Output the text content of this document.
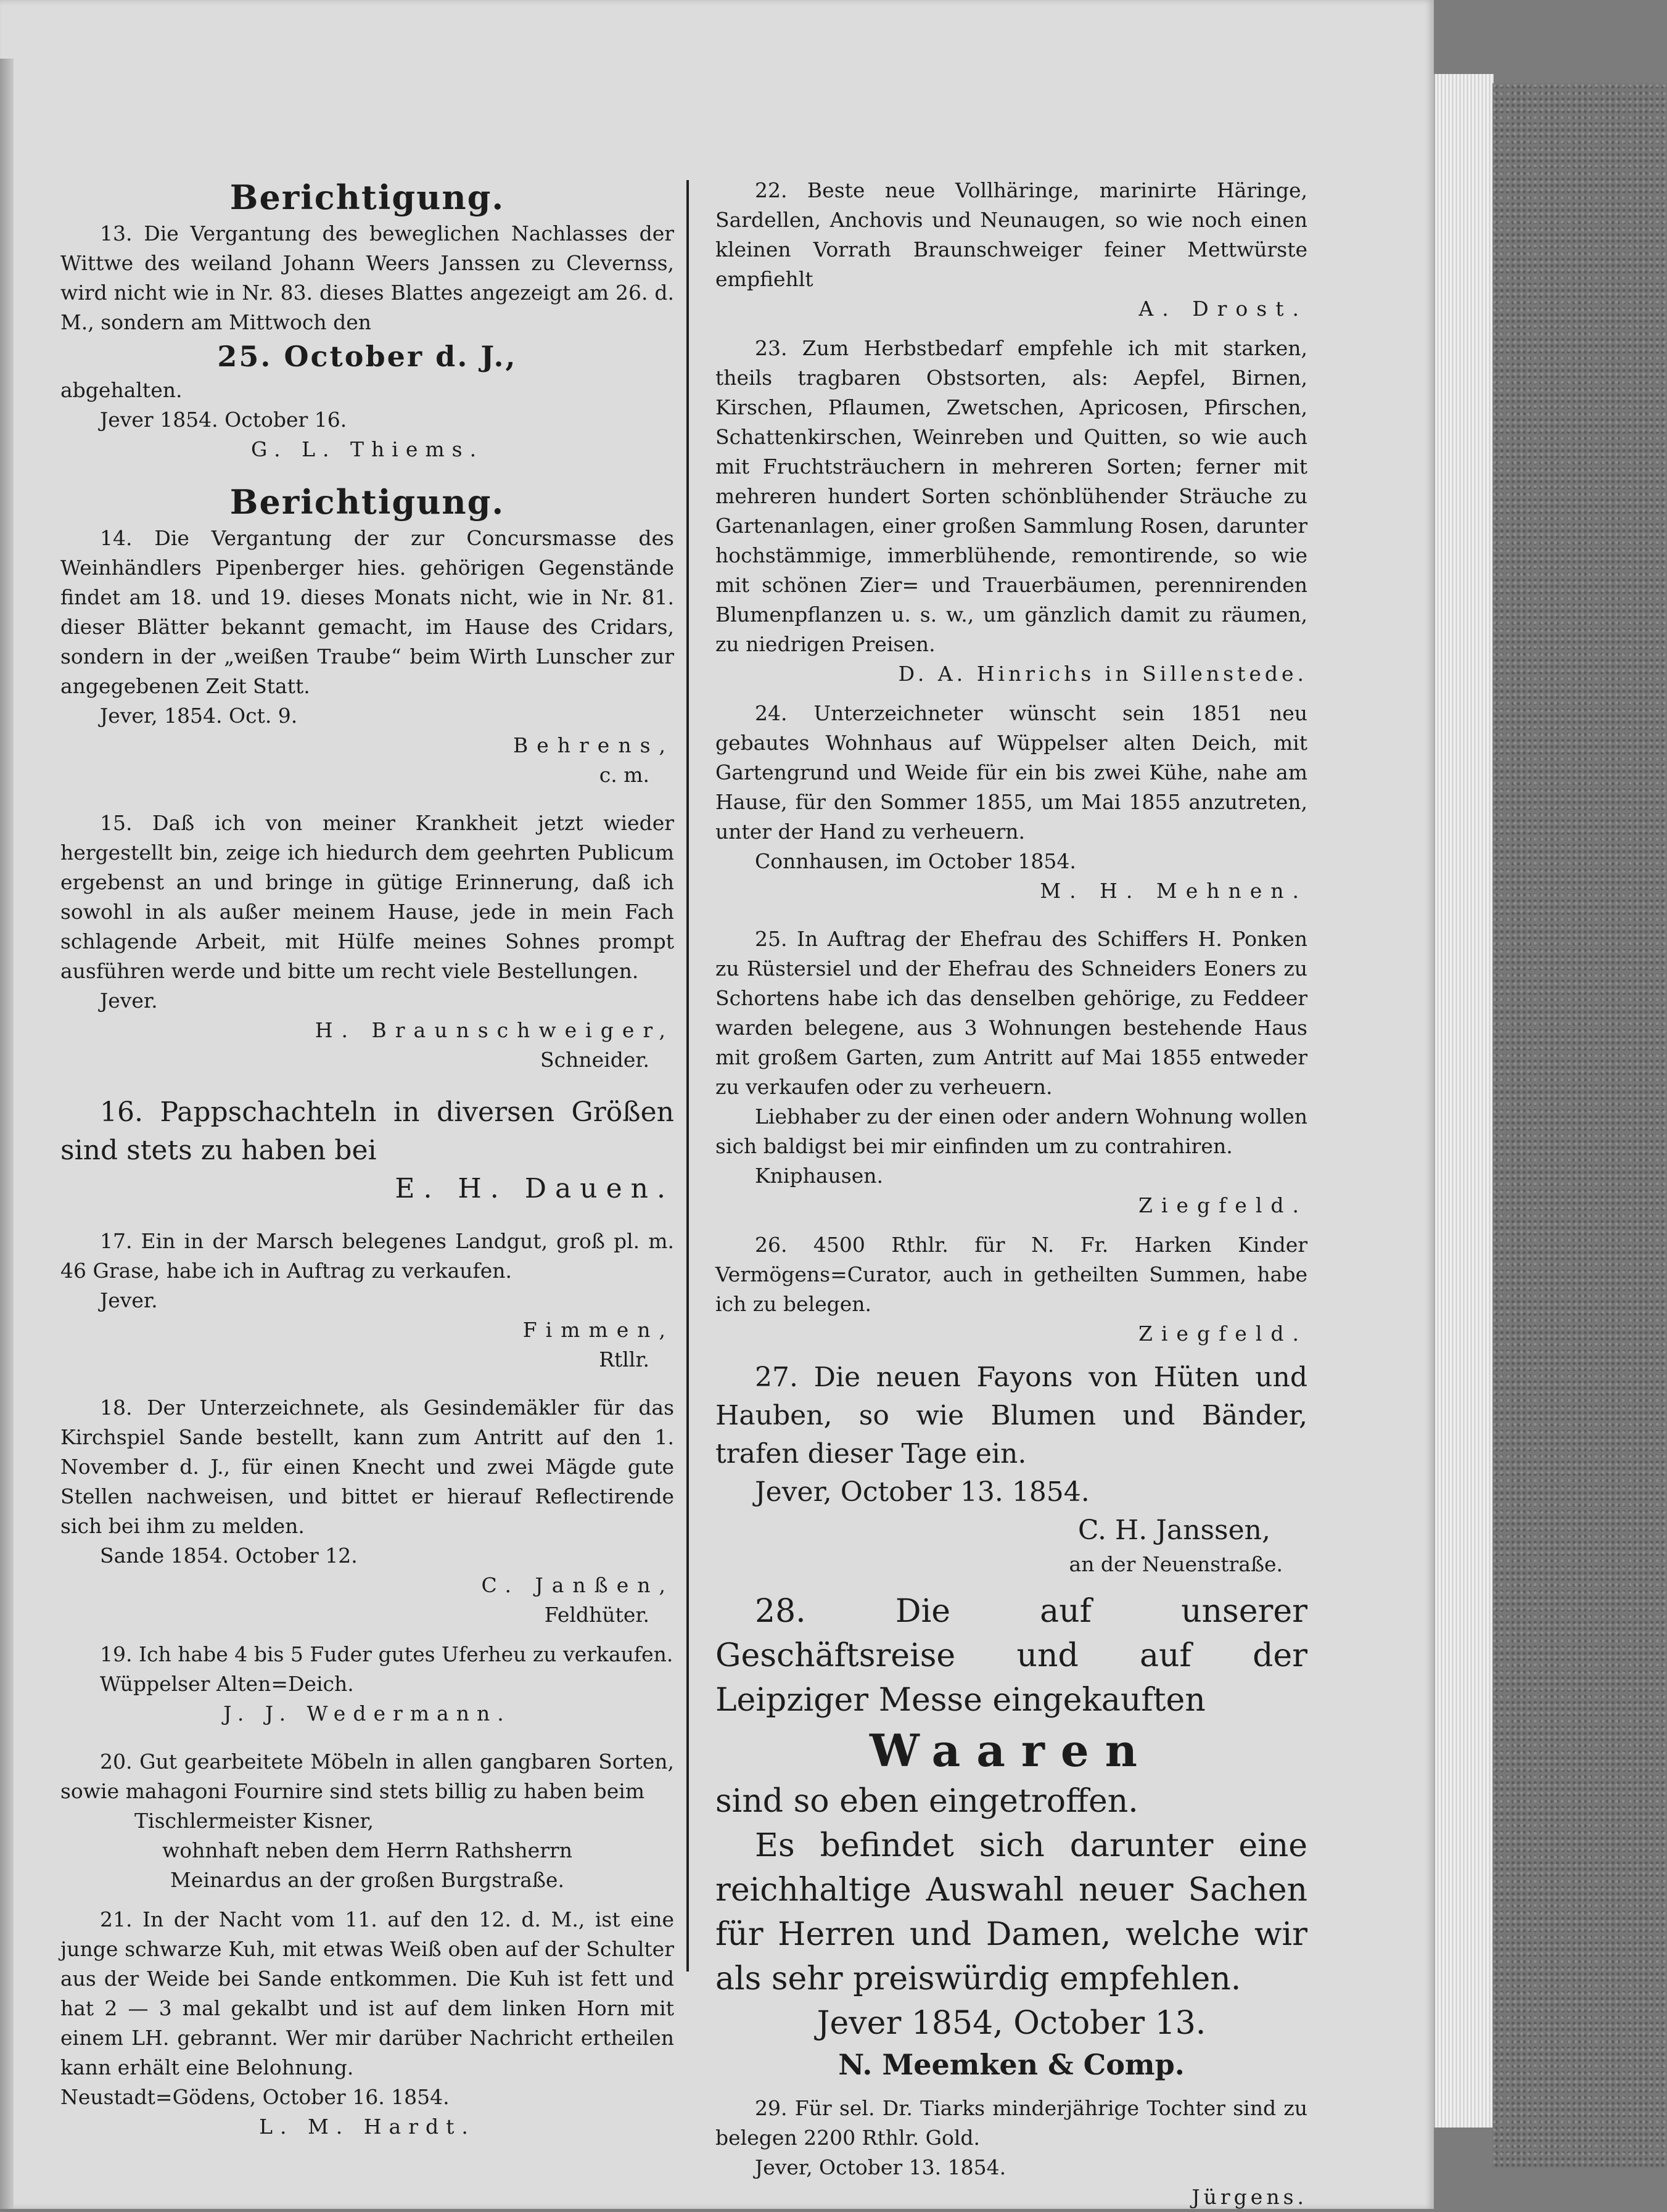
Berichtigung.

13. Die Vergantung des beweglichen Nachlasses der Wittwe des weiland Johann Weers Janssen zu Clevernss, wird nicht wie in Nr. 83. dieses Blattes angezeigt am 26. d. M., sondern am Mittwoch den

25. October d. J.,

abgehalten.

Jever 1854. October 16.

G. L. Thiems.

Berichtigung.

14. Die Vergantung der zur Concursmasse des Weinhändlers Pipenberger hies. gehörigen Gegenstände findet am 18. und 19. dieses Monats nicht, wie in Nr. 81. dieser Blätter bekannt gemacht, im Hause des Cridars, sondern in der „weißen Traube“ beim Wirth Lunscher zur angegebenen Zeit Statt.

Jever, 1854. Oct. 9.

Behrens,

c. m.

15. Daß ich von meiner Krankheit jetzt wieder hergestellt bin, zeige ich hiedurch dem geehrten Publicum ergebenst an und bringe in gütige Erinnerung, daß ich sowohl in als außer meinem Hause, jede in mein Fach schlagende Arbeit, mit Hülfe meines Sohnes prompt ausführen werde und bitte um recht viele Bestellungen.

Jever.

H. Braunschweiger,

Schneider.

16. Pappschachteln in diversen Größen sind stets zu haben bei

E. H. Dauen.

17. Ein in der Marsch belegenes Landgut, groß pl. m. 46 Grase, habe ich in Auftrag zu verkaufen.

Jever.

Fimmen,

Rtllr.

18. Der Unterzeichnete, als Gesindemäkler für das Kirchspiel Sande bestellt, kann zum Antritt auf den 1. November d. J., für einen Knecht und zwei Mägde gute Stellen nachweisen, und bittet er hierauf Reflectirende sich bei ihm zu melden.

Sande 1854. October 12.

C. Janßen,

Feldhüter.

19. Ich habe 4 bis 5 Fuder gutes Uferheu zu verkaufen.

Wüppelser Alten=Deich.

J. J. Wedermann.

20. Gut gearbeitete Möbeln in allen gangbaren Sorten, sowie mahagoni Fournire sind stets billig zu haben beim

Tischlermeister Kisner,

wohnhaft neben dem Herrn Rathsherrn

Meinardus an der großen Burgstraße.

21. In der Nacht vom 11. auf den 12. d. M., ist eine junge schwarze Kuh, mit etwas Weiß oben auf der Schulter aus der Weide bei Sande entkommen. Die Kuh ist fett und hat 2 — 3 mal gekalbt und ist auf dem linken Horn mit einem LH. gebrannt. Wer mir darüber Nachricht ertheilen kann erhält eine Belohnung.

Neustadt=Gödens, October 16. 1854.

L. M. Hardt.

22. Beste neue Vollhäringe, marinirte Häringe, Sardellen, Anchovis und Neunaugen, so wie noch einen kleinen Vorrath Braunschweiger feiner Mettwürste empfiehlt

A. Drost.

23. Zum Herbstbedarf empfehle ich mit starken, theils tragbaren Obstsorten, als: Aepfel, Birnen, Kirschen, Pflaumen, Zwetschen, Apricosen, Pfirschen, Schattenkirschen, Weinreben und Quitten, so wie auch mit Fruchtsträuchern in mehreren Sorten; ferner mit mehreren hundert Sorten schönblühender Sträuche zu Gartenanlagen, einer großen Sammlung Rosen, darunter hochstämmige, immerblühende, remontirende, so wie mit schönen Zier= und Trauerbäumen, perennirenden Blumenpflanzen u. s. w., um gänzlich damit zu räumen, zu niedrigen Preisen.

D. A. Hinrichs in Sillenstede.

24. Unterzeichneter wünscht sein 1851 neu gebautes Wohnhaus auf Wüppelser alten Deich, mit Gartengrund und Weide für ein bis zwei Kühe, nahe am Hause, für den Sommer 1855, um Mai 1855 anzutreten, unter der Hand zu verheuern.

Connhausen, im October 1854.

M. H. Mehnen.

25. In Auftrag der Ehefrau des Schiffers H. Ponken zu Rüstersiel und der Ehefrau des Schneiders Eoners zu Schortens habe ich das denselben gehörige, zu Feddeer warden belegene, aus 3 Wohnungen bestehende Haus mit großem Garten, zum Antritt auf Mai 1855 entweder zu verkaufen oder zu verheuern.

Liebhaber zu der einen oder andern Wohnung wollen sich baldigst bei mir einfinden um zu contrahiren.

Kniphausen.

Ziegfeld.

26. 4500 Rthlr. für N. Fr. Harken Kinder Vermögens=Curator, auch in getheilten Summen, habe ich zu belegen.

Ziegfeld.

27. Die neuen Fayons von Hüten und Hauben, so wie Blumen und Bänder, trafen dieser Tage ein.

Jever, October 13. 1854.

C. H. Janssen,

an der Neuenstraße.

28. Die auf unserer Geschäftsreise und auf der Leipziger Messe eingekauften

Waaren

sind so eben eingetroffen.

Es befindet sich darunter eine reichhaltige Auswahl neuer Sachen für Herren und Damen, welche wir als sehr preiswürdig empfehlen.

Jever 1854, October 13.

N. Meemken & Comp.

29. Für sel. Dr. Tiarks minderjährige Tochter sind zu belegen 2200 Rthlr. Gold.

Jever, October 13. 1854.

Jürgens.
